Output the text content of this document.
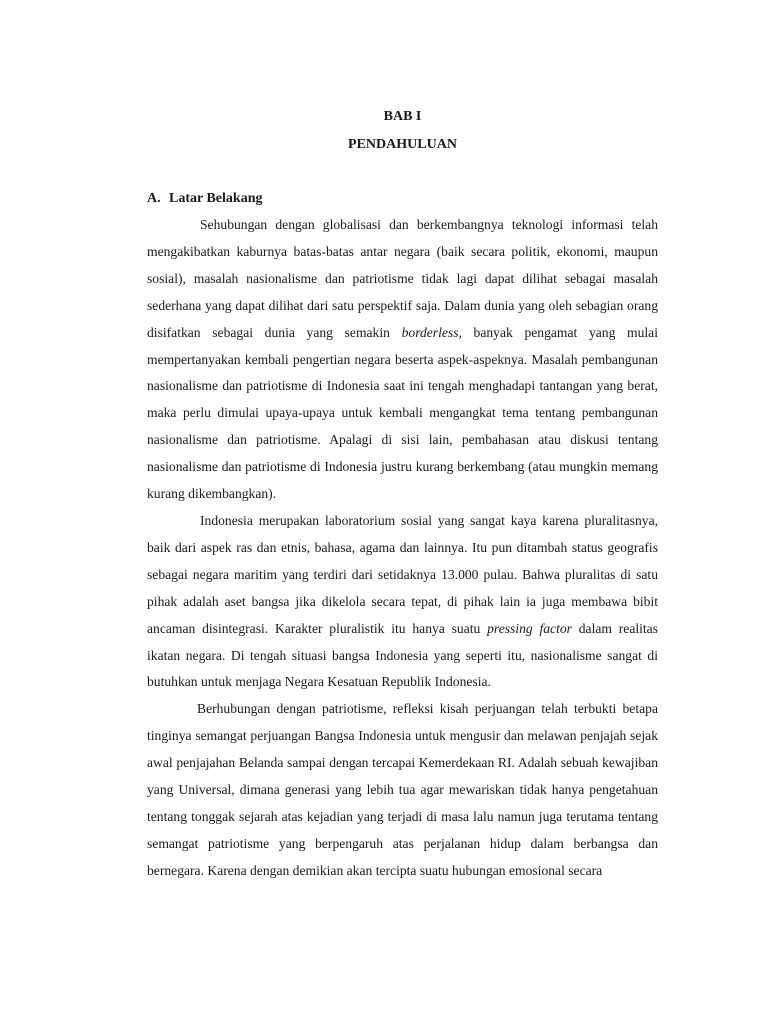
BAB I
PENDAHULUAN
A. Latar Belakang

Sehubungan dengan globalisasi dan berkembangnya teknologi informasi telah mengakibatkan kaburnya batas-batas antar negara (baik secara politik, ekonomi, maupun sosial), masalah nasionalisme dan patriotisme tidak lagi dapat dilihat sebagai masalah sederhana yang dapat dilihat dari satu perspektif saja. Dalam dunia yang oleh sebagian orang disifatkan sebagai dunia yang semakin borderless, banyak pengamat yang mulai mempertanyakan kembali pengertian negara beserta aspek-aspeknya. Masalah pembangunan nasionalisme dan patriotisme di Indonesia saat ini tengah menghadapi tantangan yang berat, maka perlu dimulai upaya-upaya untuk kembali mengangkat tema tentang pembangunan nasionalisme dan patriotisme. Apalagi di sisi lain, pembahasan atau diskusi tentang nasionalisme dan patriotisme di Indonesia justru kurang berkembang (atau mungkin memang kurang dikembangkan).

Indonesia merupakan laboratorium sosial yang sangat kaya karena pluralitasnya, baik dari aspek ras dan etnis, bahasa, agama dan lainnya. Itu pun ditambah status geografis sebagai negara maritim yang terdiri dari setidaknya 13.000 pulau. Bahwa pluralitas di satu pihak adalah aset bangsa jika dikelola secara tepat, di pihak lain ia juga membawa bibit ancaman disintegrasi. Karakter pluralistik itu hanya suatu pressing factor dalam realitas ikatan negara. Di tengah situasi bangsa Indonesia yang seperti itu, nasionalisme sangat di butuhkan untuk menjaga Negara Kesatuan Republik Indonesia.

Berhubungan dengan patriotisme, refleksi kisah perjuangan telah terbukti betapa tinginya semangat perjuangan Bangsa Indonesia untuk mengusir dan melawan penjajah sejak awal penjajahan Belanda sampai dengan tercapai Kemerdekaan RI. Adalah sebuah kewajiban yang Universal, dimana generasi yang lebih tua agar mewariskan tidak hanya pengetahuan tentang tonggak sejarah atas kejadian yang terjadi di masa lalu namun juga terutama tentang semangat patriotisme yang berpengaruh atas perjalanan hidup dalam berbangsa dan bernegara. Karena dengan demikian akan tercipta suatu hubungan emosional secara
